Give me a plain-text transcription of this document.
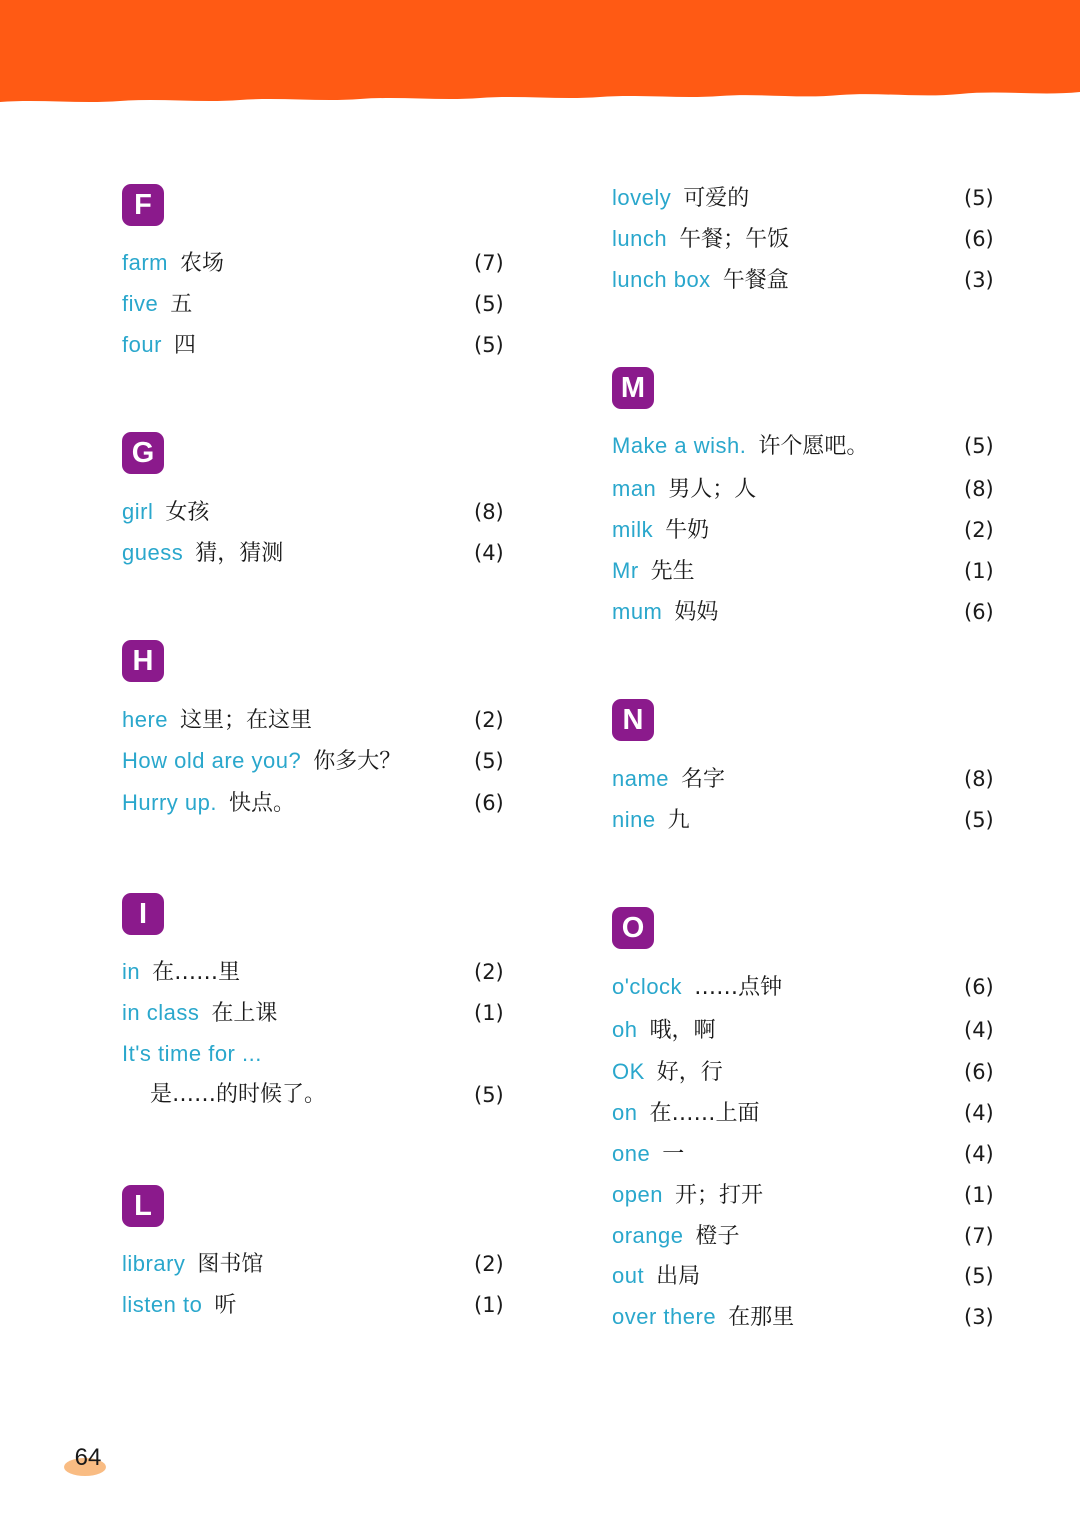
F
farm 农场	(7)
five 五	(5)
four 四	(5)
G
girl 女孩	(8)
guess 猜，猜测	(4)
H
here 这里；在这里	(2)
How old are you? 你多大？	(5)
Hurry up. 快点。	(6)
I
in 在……里	(2)
in class 在上课	(1)
It's time for ...
是……的时候了。	(5)
L
library 图书馆	(2)
listen to 听	(1)
lovely 可爱的	(5)
lunch 午餐；午饭	(6)
lunch box 午餐盒	(3)
M
Make a wish. 许个愿吧。	(5)
man 男人；人	(8)
milk 牛奶	(2)
Mr 先生	(1)
mum 妈妈	(6)
N
name 名字	(8)
nine 九	(5)
O
o'clock ……点钟	(6)
oh 哦，啊	(4)
OK 好，行	(6)
on 在……上面	(4)
one 一	(4)
open 开；打开	(1)
orange 橙子	(7)
out 出局	(5)
over there 在那里	(3)
64
